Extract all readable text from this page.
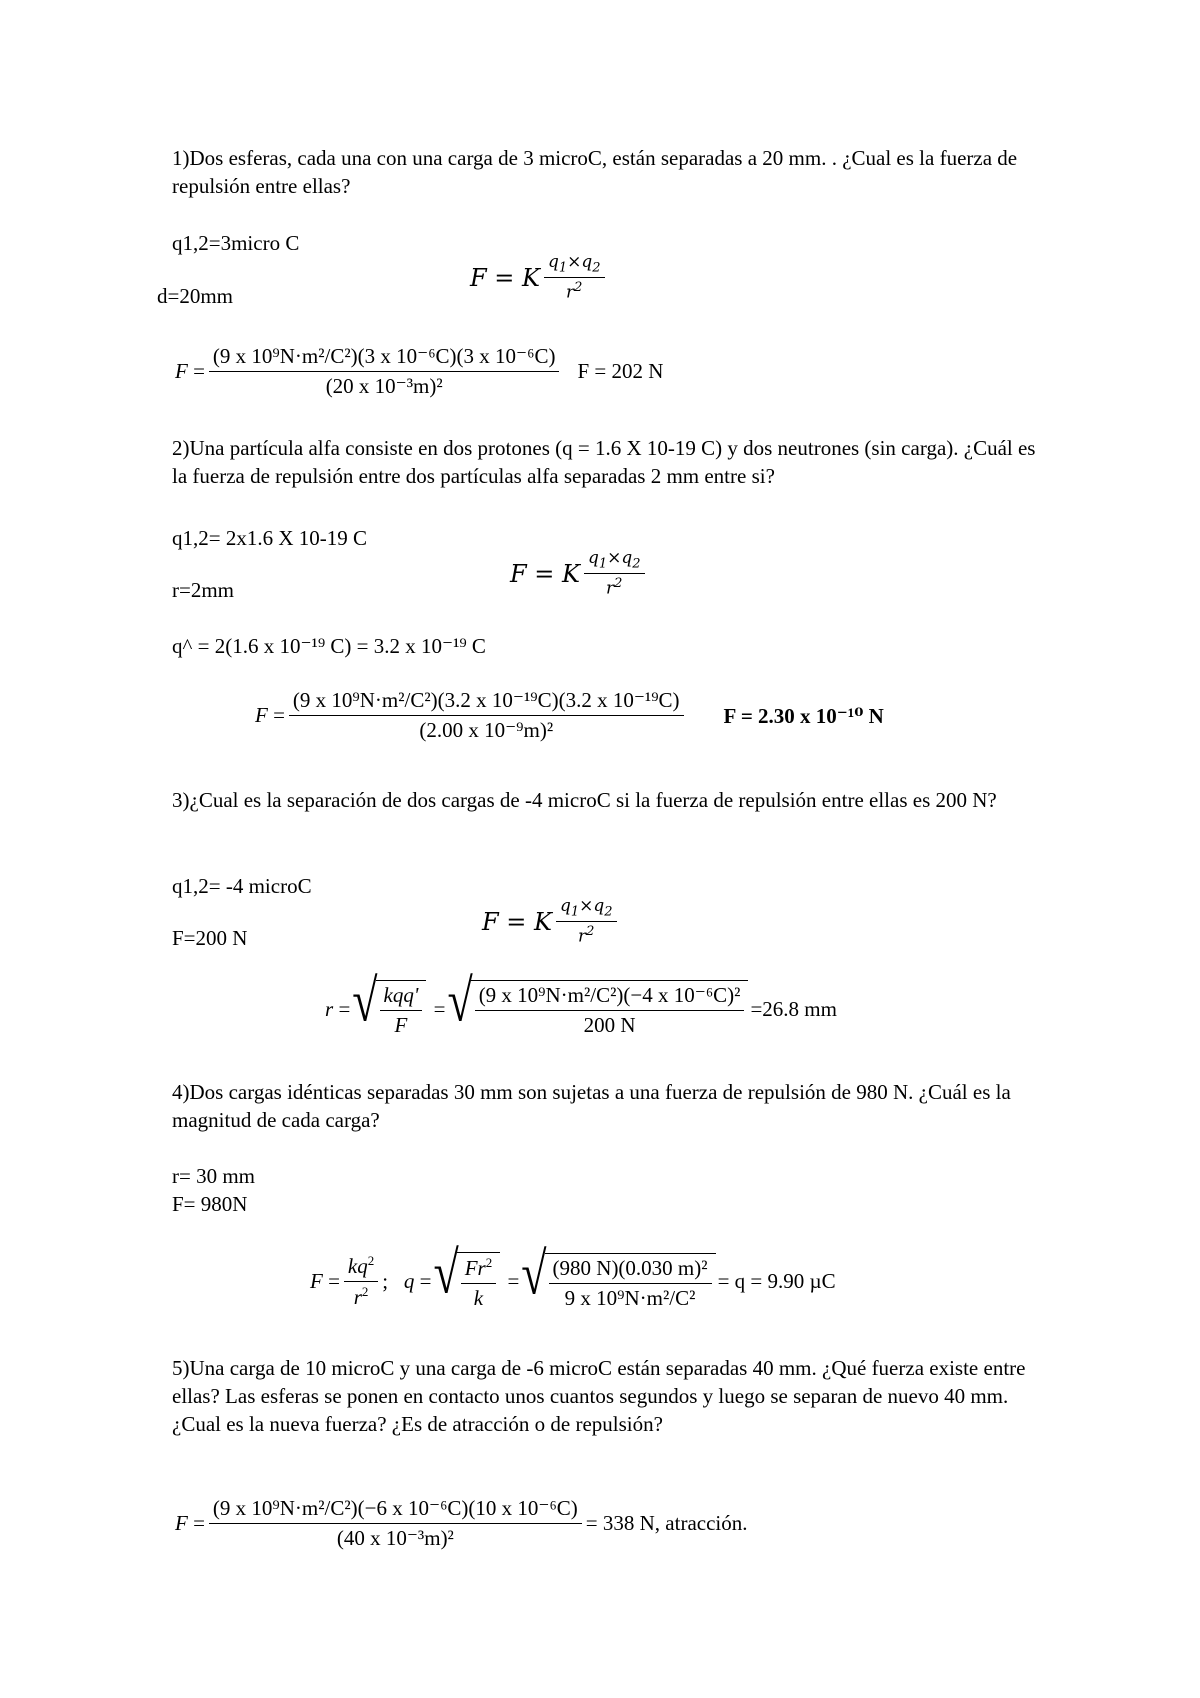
1)Dos esferas, cada una con una carga de 3 microC, están separadas a 20 mm. . ¿Cual es la fuerza de repulsión entre ellas?
q1,2=3micro C
d=20mm
F = K $\frac{q_1\times q_2}{r^2}$
$F = \frac{\text{(9 x 10⁹N·m²/C²)(3 x 10⁻⁶C)(3 x 10⁻⁶C)}}{\text{(20 x 10⁻³m)²}}$ F = 202 N
2)Una partícula alfa consiste en dos protones (q = 1.6 X 10-19 C) y dos neutrones (sin carga). ¿Cuál es la fuerza de repulsión entre dos partículas alfa separadas 2 mm entre si?
q1,2= 2x1.6 X 10-19 C
r=2mm
F = K $\frac{q_1\times q_2}{r^2}$
q^ = 2(1.6 x 10⁻¹⁹ C) = 3.2 x 10⁻¹⁹ C
$F = \frac{\text{(9 x 10⁹N·m²/C²)(3.2 x 10⁻¹⁹C)(3.2 x 10⁻¹⁹C)}}{\text{(2.00 x 10⁻⁹m)²}}$ F = 2.30 x 10⁻¹⁰ N
3)¿Cual es la separación de dos cargas de -4 microC si la fuerza de repulsión entre ellas es 200 N?
q1,2= -4 microC
F=200 N
F = K $\frac{q_1\times q_2}{r^2}$
r = √ $\frac{\text{kqq'}}{F}$ = √ $\frac{\text{(9 x 10⁹N·m²/C²)(−4 x 10⁻⁶C)²}}{200 N} =26.8$ mm
4)Dos cargas idénticas separadas 30 mm son sujetas a una fuerza de repulsión de 980 N. ¿Cuál es la magnitud de cada carga?
r= 30 mm
F= 980N
$F = \frac{kq^2}{r^2}$ ; q = √ $\frac{Fr^2}{k}$ = √ $\frac{\text{(980 N)(0.030 m)²}}{\text{9 x 10⁹N·m²/C²}} = q = 9.90$ µC
5)Una carga de 10 microC y una carga de -6 microC están separadas 40 mm. ¿Qué fuerza existe entre ellas? Las esferas se ponen en contacto unos cuantos segundos y luego se separan de nuevo 40 mm. ¿Cual es la nueva fuerza? ¿Es de atracción o de repulsión?
$F = \frac{\text{(9 x 10⁹N·m²/C²)(−6 x 10⁻⁶C)(10 x 10⁻⁶C)}}{\text{(40 x 10⁻³m)²}} = 338$ N, atracción.
